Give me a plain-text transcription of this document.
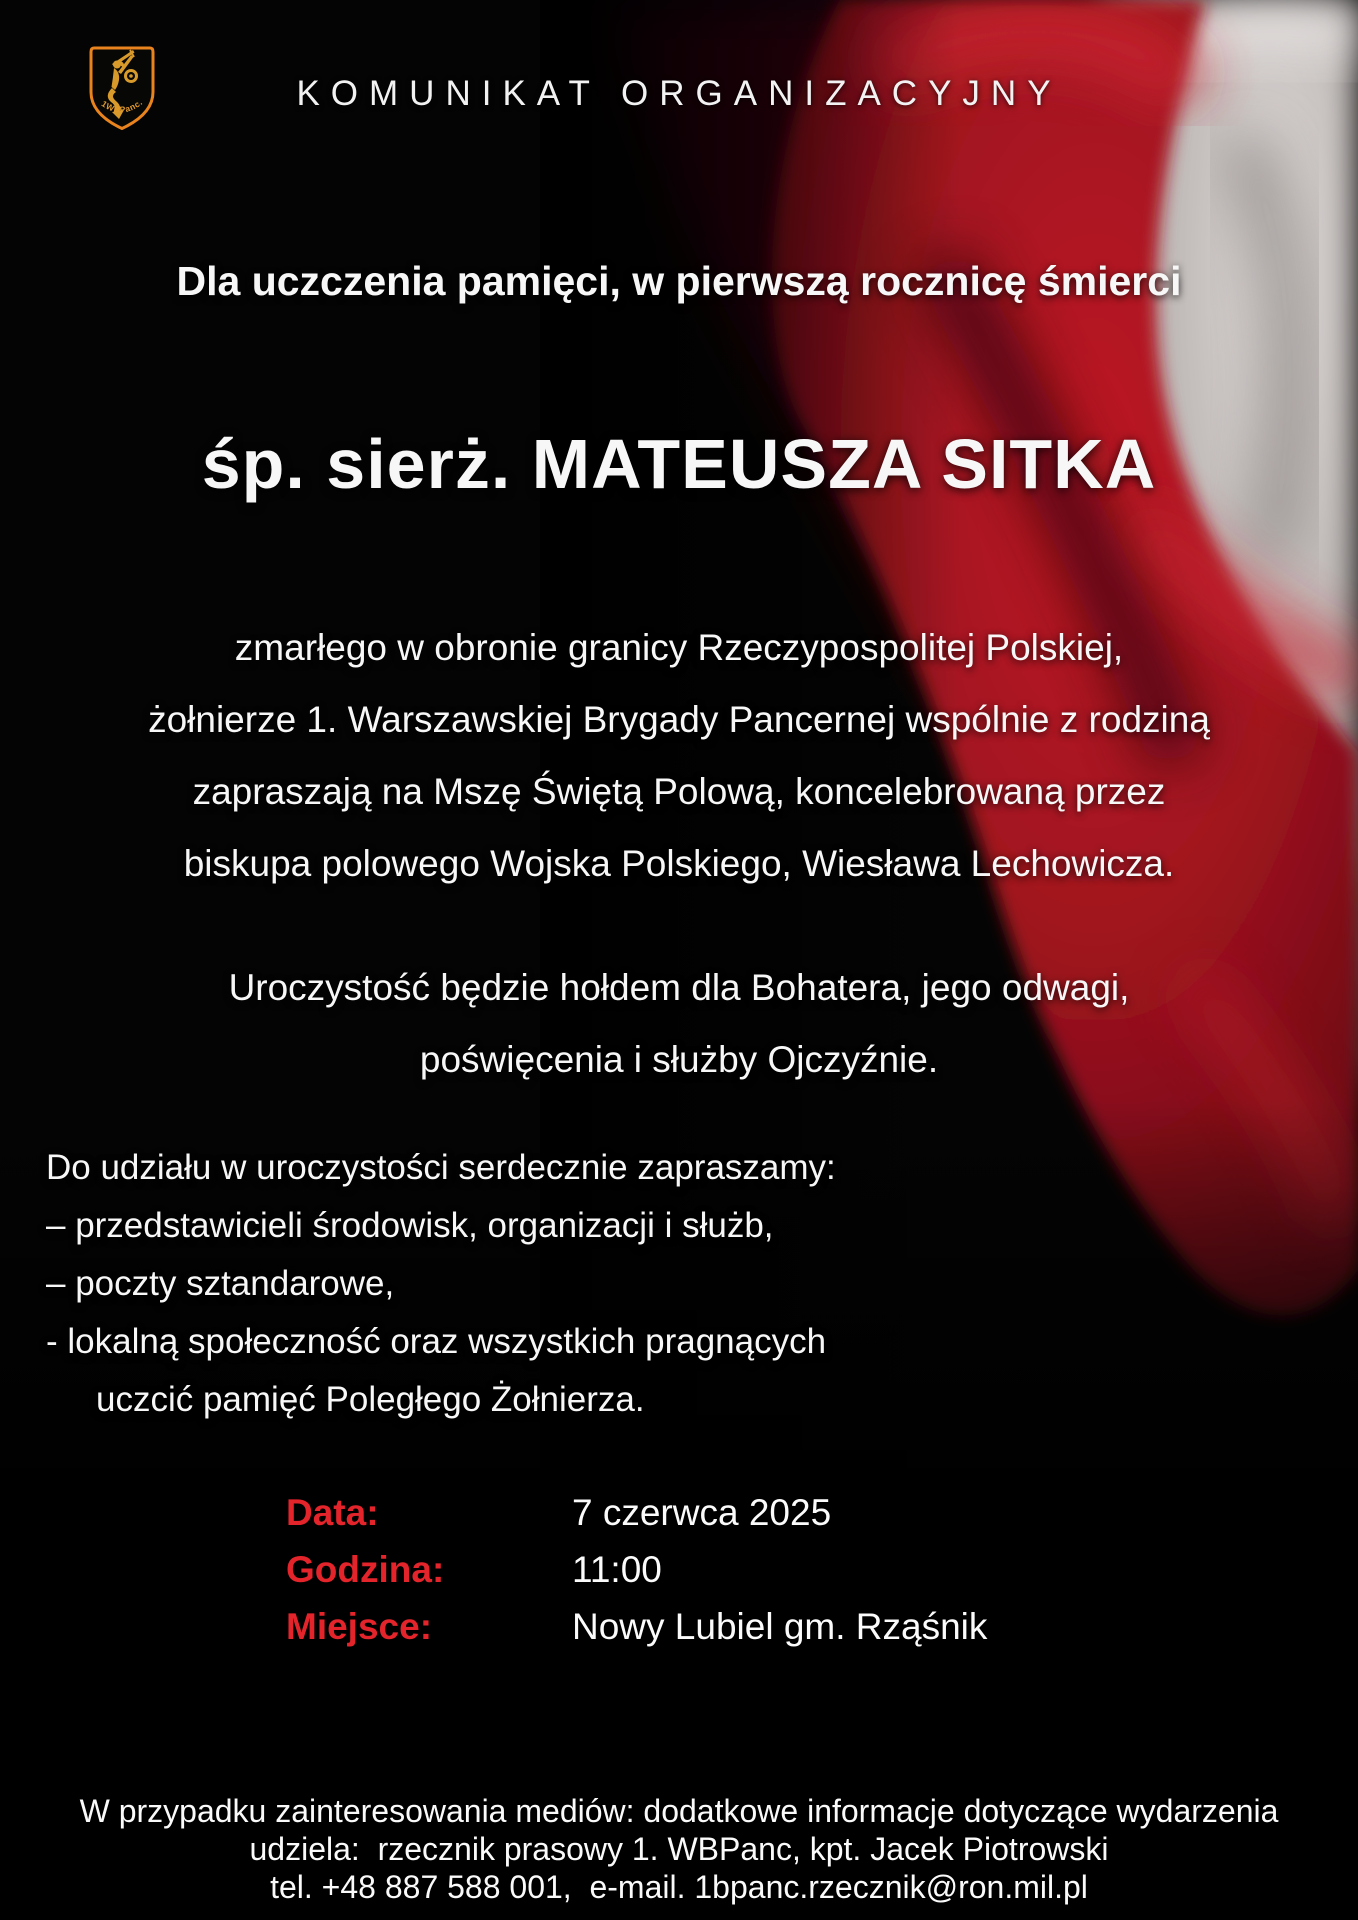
1WBPanc.	KOMUNIKAT ORGANIZACYJNY
Dla uczczenia pamięci, w pierwszą rocznicę śmierci
śp. sierż. MATEUSZA SITKA
zmarłego w obronie granicy Rzeczypospolitej Polskiej,
żołnierze 1. Warszawskiej Brygady Pancernej wspólnie z rodziną
zapraszają na Mszę Świętą Polową, koncelebrowaną przez
biskupa polowego Wojska Polskiego, Wiesława Lechowicza.
Uroczystość będzie hołdem dla Bohatera, jego odwagi,
poświęcenia i służby Ojczyźnie.
Do udziału w uroczystości serdecznie zapraszamy:
– przedstawicieli środowisk, organizacji i służb,
– poczty sztandarowe,
- lokalną społeczność oraz wszystkich pragnących
uczcić pamięć Poległego Żołnierza.
Data:	7 czerwca 2025
Godzina:	11:00
Miejsce:	Nowy Lubiel gm. Rząśnik
W przypadku zainteresowania mediów: dodatkowe informacje dotyczące wydarzenia
udziela:  rzecznik prasowy 1. WBPanc, kpt. Jacek Piotrowski
tel. +48 887 588 001,  e-mail. 1bpanc.rzecznik@ron.mil.pl
